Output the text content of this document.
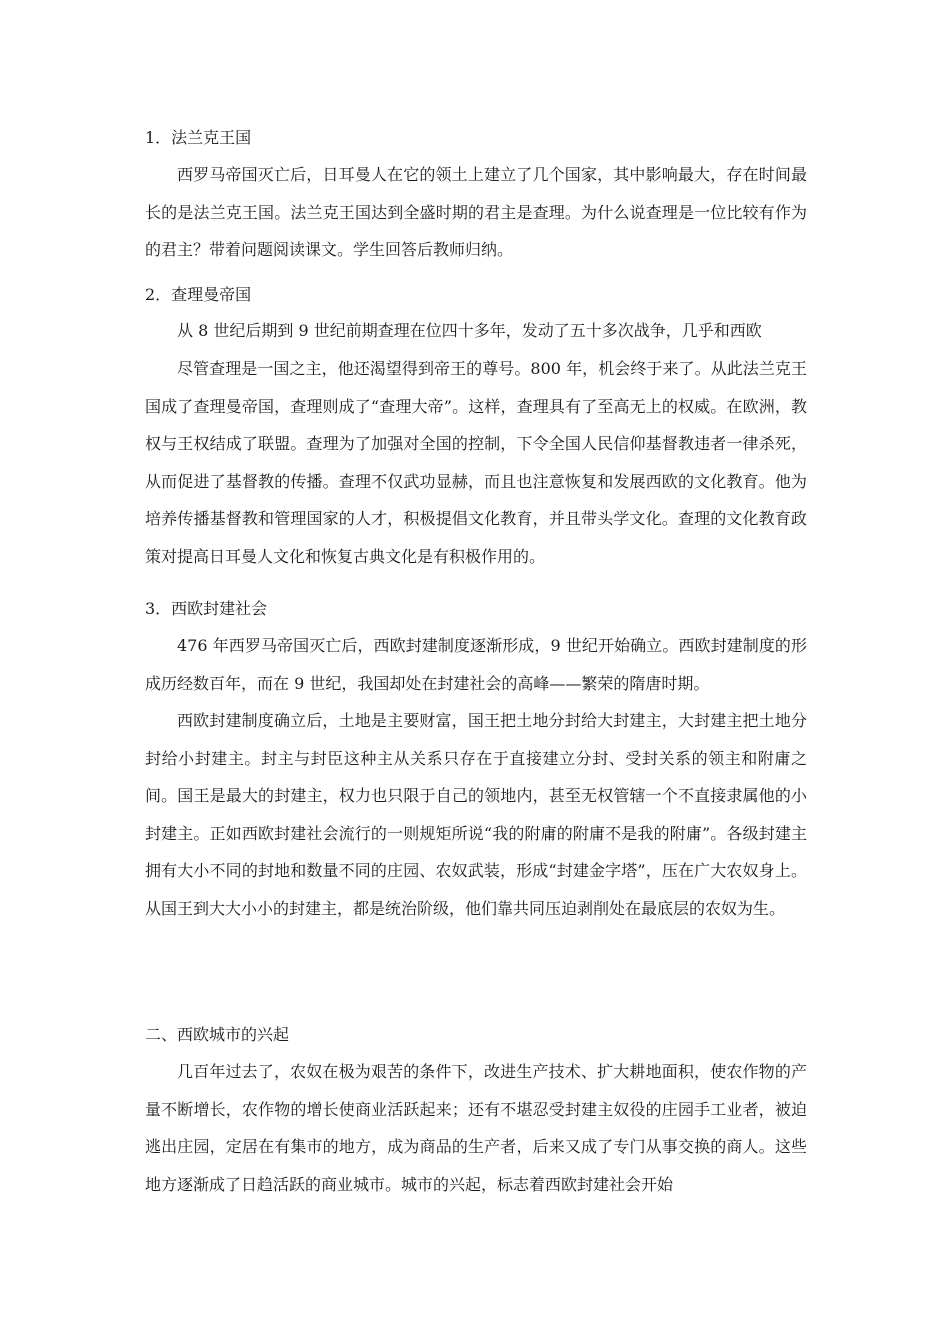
1．法兰克王国

西罗马帝国灭亡后，日耳曼人在它的领土上建立了几个国家，其中影响最大，存在时间最长的是法兰克王国。法兰克王国达到全盛时期的君主是查理。为什么说查理是一位比较有作为的君主？带着问题阅读课文。学生回答后教师归纳。

2．查理曼帝国

从 8 世纪后期到 9 世纪前期查理在位四十多年，发动了五十多次战争，几乎和西欧

尽管查理是一国之主，他还渴望得到帝王的尊号。800 年，机会终于来了。从此法兰克王国成了查理曼帝国，查理则成了“查理大帝”。这样，查理具有了至高无上的权威。在欧洲，教权与王权结成了联盟。查理为了加强对全国的控制，下令全国人民信仰基督教违者一律杀死，从而促进了基督教的传播。查理不仅武功显赫，而且也注意恢复和发展西欧的文化教育。他为培养传播基督教和管理国家的人才，积极提倡文化教育，并且带头学文化。查理的文化教育政策对提高日耳曼人文化和恢复古典文化是有积极作用的。

3．西欧封建社会

476 年西罗马帝国灭亡后，西欧封建制度逐渐形成，9 世纪开始确立。西欧封建制度的形成历经数百年，而在 9 世纪，我国却处在封建社会的高峰——繁荣的隋唐时期。

西欧封建制度确立后，土地是主要财富，国王把土地分封给大封建主，大封建主把土地分封给小封建主。封主与封臣这种主从关系只存在于直接建立分封、受封关系的领主和附庸之间。国王是最大的封建主，权力也只限于自己的领地内，甚至无权管辖一个不直接隶属他的小封建主。正如西欧封建社会流行的一则规矩所说“我的附庸的附庸不是我的附庸”。各级封建主拥有大小不同的封地和数量不同的庄园、农奴武装，形成“封建金字塔”，压在广大农奴身上。从国王到大大小小的封建主，都是统治阶级，他们靠共同压迫剥削处在最底层的农奴为生。

二、西欧城市的兴起

几百年过去了，农奴在极为艰苦的条件下，改进生产技术、扩大耕地面积，使农作物的产量不断增长，农作物的增长使商业活跃起来；还有不堪忍受封建主奴役的庄园手工业者，被迫逃出庄园，定居在有集市的地方，成为商品的生产者，后来又成了专门从事交换的商人。这些地方逐渐成了日趋活跃的商业城市。城市的兴起，标志着西欧封建社会开始
